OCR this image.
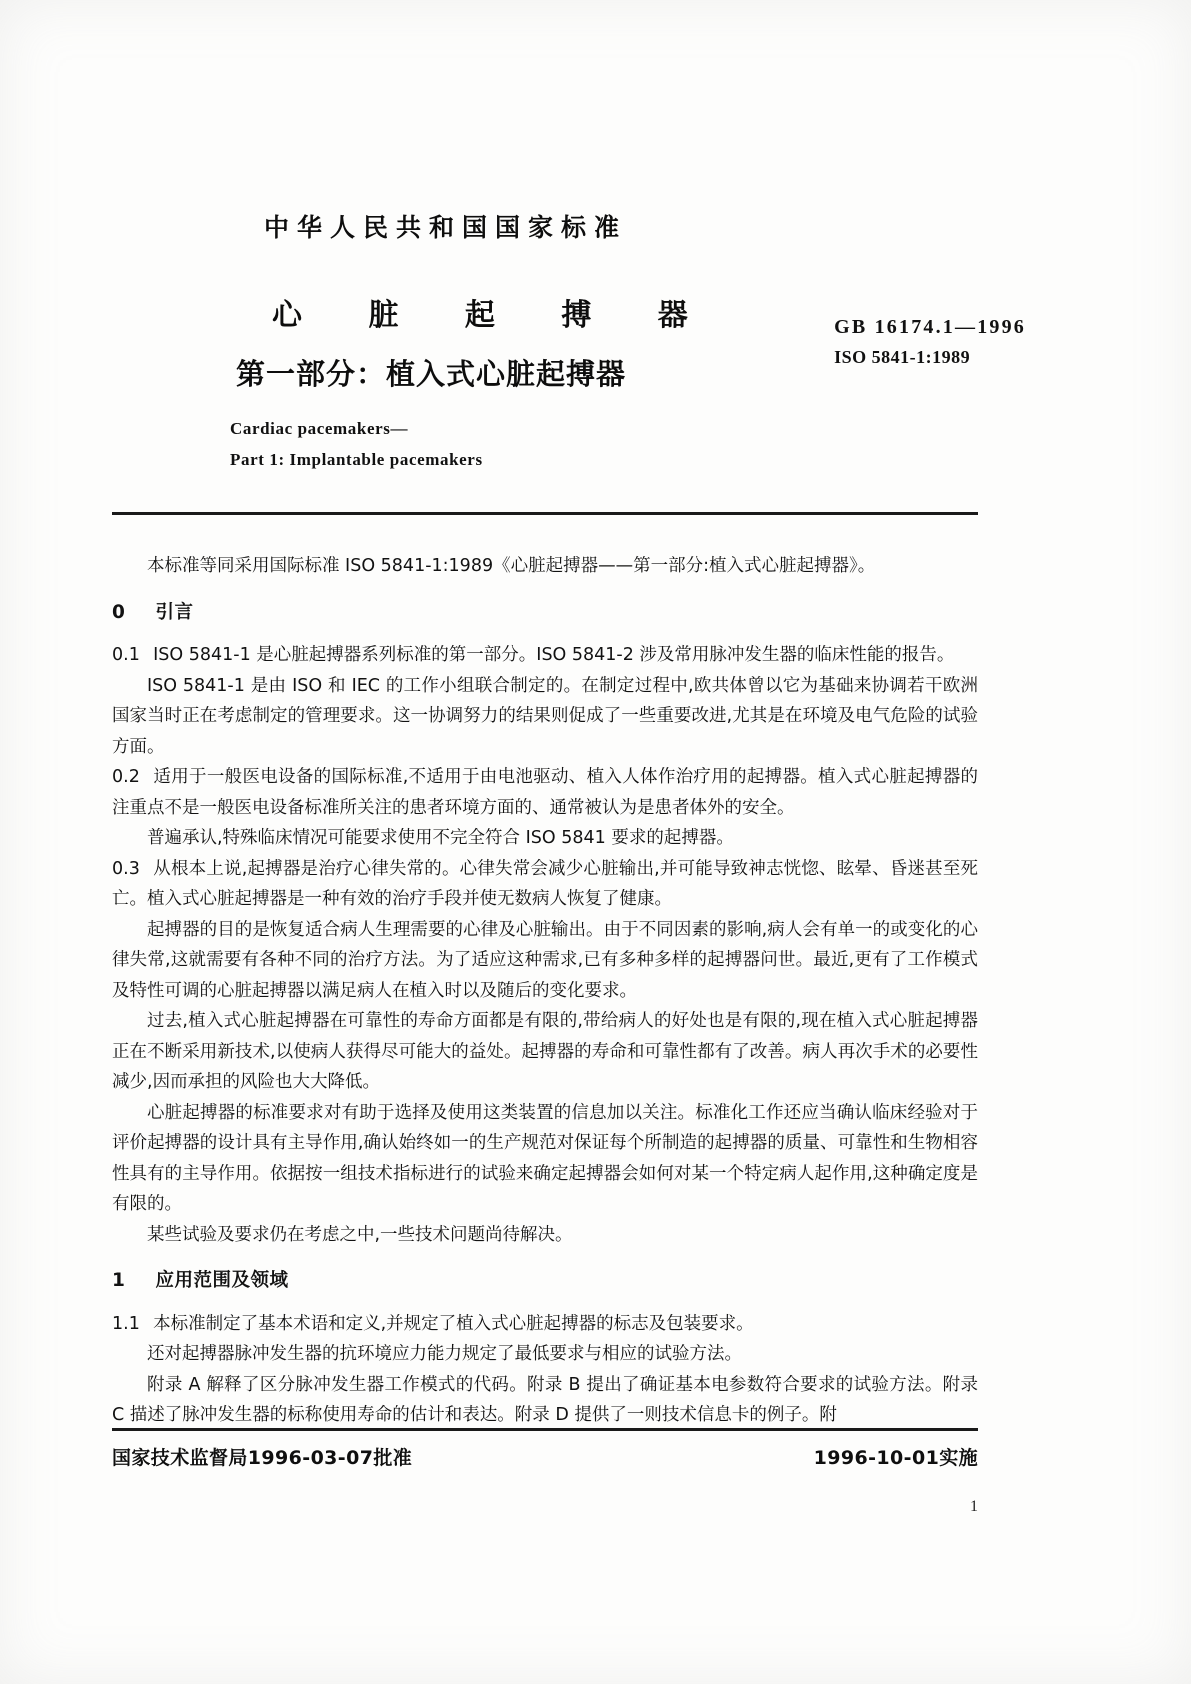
中华人民共和国国家标准
心 脏 起 搏 器
第一部分：植入式心脏起搏器
GB 16174.1—1996
ISO 5841-1:1989
Cardiac pacemakers—
Part 1: Implantable pacemakers

本标准等同采用国际标准 ISO 5841-1:1989《心脏起搏器——第一部分:植入式心脏起搏器》。

0 引言

0.1 ISO 5841-1 是心脏起搏器系列标准的第一部分。ISO 5841-2 涉及常用脉冲发生器的临床性能的报告。

ISO 5841-1 是由 ISO 和 IEC 的工作小组联合制定的。在制定过程中,欧共体曾以它为基础来协调若干欧洲国家当时正在考虑制定的管理要求。这一协调努力的结果则促成了一些重要改进,尤其是在环境及电气危险的试验方面。

0.2 适用于一般医电设备的国际标准,不适用于由电池驱动、植入人体作治疗用的起搏器。植入式心脏起搏器的注重点不是一般医电设备标准所关注的患者环境方面的、通常被认为是患者体外的安全。

普遍承认,特殊临床情况可能要求使用不完全符合 ISO 5841 要求的起搏器。

0.3 从根本上说,起搏器是治疗心律失常的。心律失常会减少心脏输出,并可能导致神志恍惚、眩晕、昏迷甚至死亡。植入式心脏起搏器是一种有效的治疗手段并使无数病人恢复了健康。

起搏器的目的是恢复适合病人生理需要的心律及心脏输出。由于不同因素的影响,病人会有单一的或变化的心律失常,这就需要有各种不同的治疗方法。为了适应这种需求,已有多种多样的起搏器问世。最近,更有了工作模式及特性可调的心脏起搏器以满足病人在植入时以及随后的变化要求。

过去,植入式心脏起搏器在可靠性的寿命方面都是有限的,带给病人的好处也是有限的,现在植入式心脏起搏器正在不断采用新技术,以使病人获得尽可能大的益处。起搏器的寿命和可靠性都有了改善。病人再次手术的必要性减少,因而承担的风险也大大降低。

心脏起搏器的标准要求对有助于选择及使用这类装置的信息加以关注。标准化工作还应当确认临床经验对于评价起搏器的设计具有主导作用,确认始终如一的生产规范对保证每个所制造的起搏器的质量、可靠性和生物相容性具有的主导作用。依据按一组技术指标进行的试验来确定起搏器会如何对某一个特定病人起作用,这种确定度是有限的。

某些试验及要求仍在考虑之中,一些技术问题尚待解决。

1 应用范围及领域

1.1 本标准制定了基本术语和定义,并规定了植入式心脏起搏器的标志及包装要求。

还对起搏器脉冲发生器的抗环境应力能力规定了最低要求与相应的试验方法。

附录 A 解释了区分脉冲发生器工作模式的代码。附录 B 提出了确证基本电参数符合要求的试验方法。附录 C 描述了脉冲发生器的标称使用寿命的估计和表达。附录 D 提供了一则技术信息卡的例子。附

国家技术监督局1996-03-07批准	1996-10-01实施
1
